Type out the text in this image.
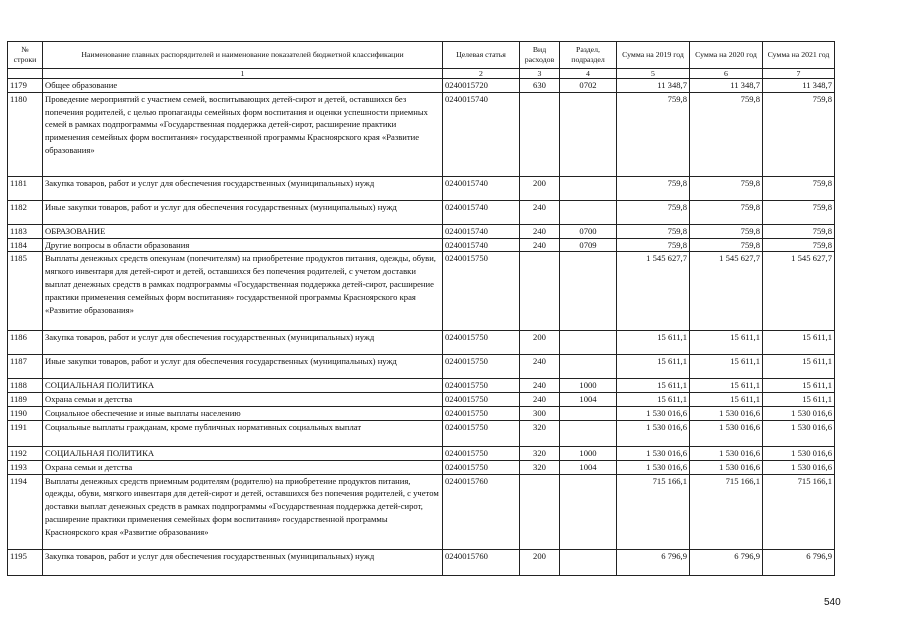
№ строки	Наименование главных распорядителей и наименование показателей бюджетной классификации	Целевая статья	Вид расходов	Раздел, подраздел	Сумма на 2019 год	Сумма на 2020 год	Сумма на 2021 год
	1	2	3	4	5	6	7
1179	Общее образование	0240015720	630	0702	11 348,7	11 348,7	11 348,7
1180	Проведение мероприятий с участием семей, воспитывающих детей-сирот и детей, оставшихся без попечения родителей, с целью пропаганды семейных форм воспитания и оценки успешности приемных семей в рамках подпрограммы «Государственная поддержка детей-сирот, расширение практики применения семейных форм воспитания» государственной программы Красноярского края «Развитие образования»	0240015740			759,8	759,8	759,8
1181	Закупка товаров, работ и услуг для обеспечения государственных (муниципальных) нужд	0240015740	200		759,8	759,8	759,8
1182	Иные закупки товаров, работ и услуг для обеспечения государственных (муниципальных) нужд	0240015740	240		759,8	759,8	759,8
1183	ОБРАЗОВАНИЕ	0240015740	240	0700	759,8	759,8	759,8
1184	Другие вопросы в области образования	0240015740	240	0709	759,8	759,8	759,8
1185	Выплаты денежных средств опекунам (попечителям) на приобретение продуктов питания, одежды, обуви, мягкого инвентаря для детей-сирот и детей, оставшихся без попечения родителей, с учетом доставки выплат денежных средств в рамках подпрограммы «Государственная поддержка детей-сирот, расширение практики применения семейных форм воспитания» государственной программы Красноярского края «Развитие образования»	0240015750			1 545 627,7	1 545 627,7	1 545 627,7
1186	Закупка товаров, работ и услуг для обеспечения государственных (муниципальных) нужд	0240015750	200		15 611,1	15 611,1	15 611,1
1187	Иные закупки товаров, работ и услуг для обеспечения государственных (муниципальных) нужд	0240015750	240		15 611,1	15 611,1	15 611,1
1188	СОЦИАЛЬНАЯ ПОЛИТИКА	0240015750	240	1000	15 611,1	15 611,1	15 611,1
1189	Охрана семьи и детства	0240015750	240	1004	15 611,1	15 611,1	15 611,1
1190	Социальное обеспечение и иные выплаты населению	0240015750	300		1 530 016,6	1 530 016,6	1 530 016,6
1191	Социальные выплаты гражданам, кроме публичных нормативных социальных выплат	0240015750	320		1 530 016,6	1 530 016,6	1 530 016,6
1192	СОЦИАЛЬНАЯ ПОЛИТИКА	0240015750	320	1000	1 530 016,6	1 530 016,6	1 530 016,6
1193	Охрана семьи и детства	0240015750	320	1004	1 530 016,6	1 530 016,6	1 530 016,6
1194	Выплаты денежных средств приемным родителям (родителю) на приобретение продуктов питания, одежды, обуви, мягкого инвентаря для детей-сирот и детей, оставшихся без попечения родителей, с учетом доставки выплат денежных средств в рамках подпрограммы «Государственная поддержка детей-сирот, расширение практики применения семейных форм воспитания» государственной программы Красноярского края «Развитие образования»	0240015760			715 166,1	715 166,1	715 166,1
1195	Закупка товаров, работ и услуг для обеспечения государственных (муниципальных) нужд	0240015760	200		6 796,9	6 796,9	6 796,9
540
